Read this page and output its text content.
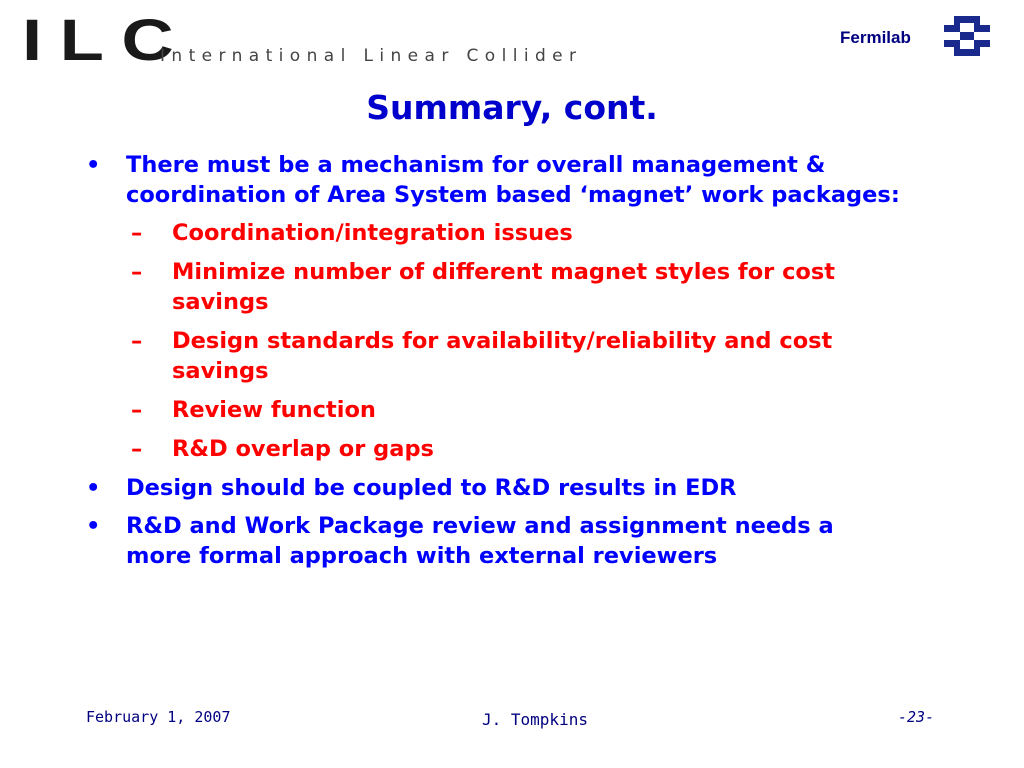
ILC
International Linear Collider
Fermilab
Summary, cont.
• There must be a mechanism for overall management & coordination of Area System based ‘magnet’ work packages:
– Coordination/integration issues
– Minimize number of different magnet styles for cost savings
– Design standards for availability/reliability and cost savings
– Review function
– R&D overlap or gaps
• Design should be coupled to R&D results in EDR
• R&D and Work Package review and assignment needs a more formal approach with external reviewers
February 1, 2007	J. Tompkins	-23-
